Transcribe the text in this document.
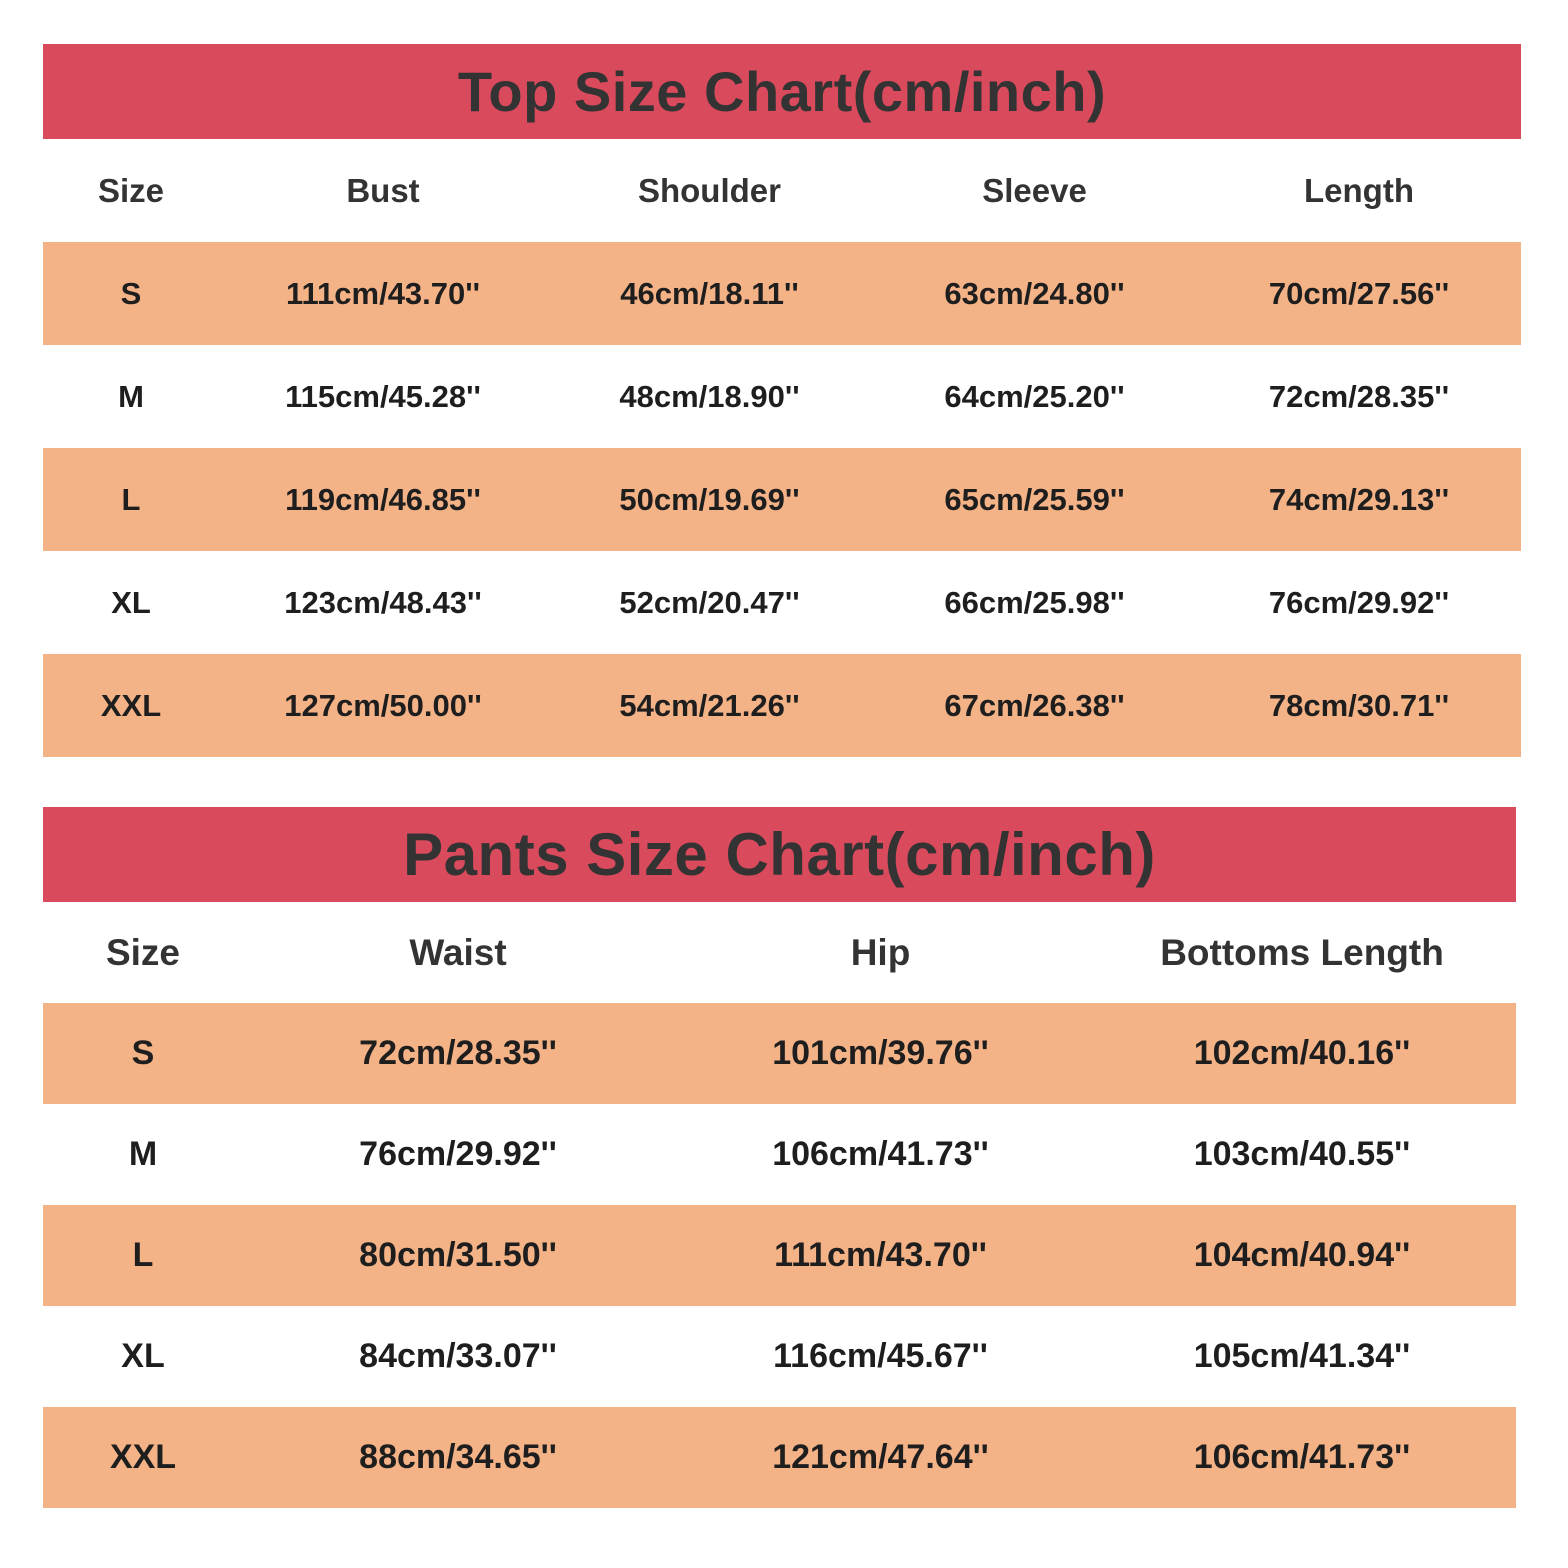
Top Size Chart(cm/inch)
Size	Bust	Shoulder	Sleeve	Length
S	111cm/43.70''	46cm/18.11''	63cm/24.80''	70cm/27.56''
M	115cm/45.28''	48cm/18.90''	64cm/25.20''	72cm/28.35''
L	119cm/46.85''	50cm/19.69''	65cm/25.59''	74cm/29.13''
XL	123cm/48.43''	52cm/20.47''	66cm/25.98''	76cm/29.92''
XXL	127cm/50.00''	54cm/21.26''	67cm/26.38''	78cm/30.71''
Pants Size Chart(cm/inch)
Size	Waist	Hip	Bottoms Length
S	72cm/28.35''	101cm/39.76''	102cm/40.16''
M	76cm/29.92''	106cm/41.73''	103cm/40.55''
L	80cm/31.50''	111cm/43.70''	104cm/40.94''
XL	84cm/33.07''	116cm/45.67''	105cm/41.34''
XXL	88cm/34.65''	121cm/47.64''	106cm/41.73''
